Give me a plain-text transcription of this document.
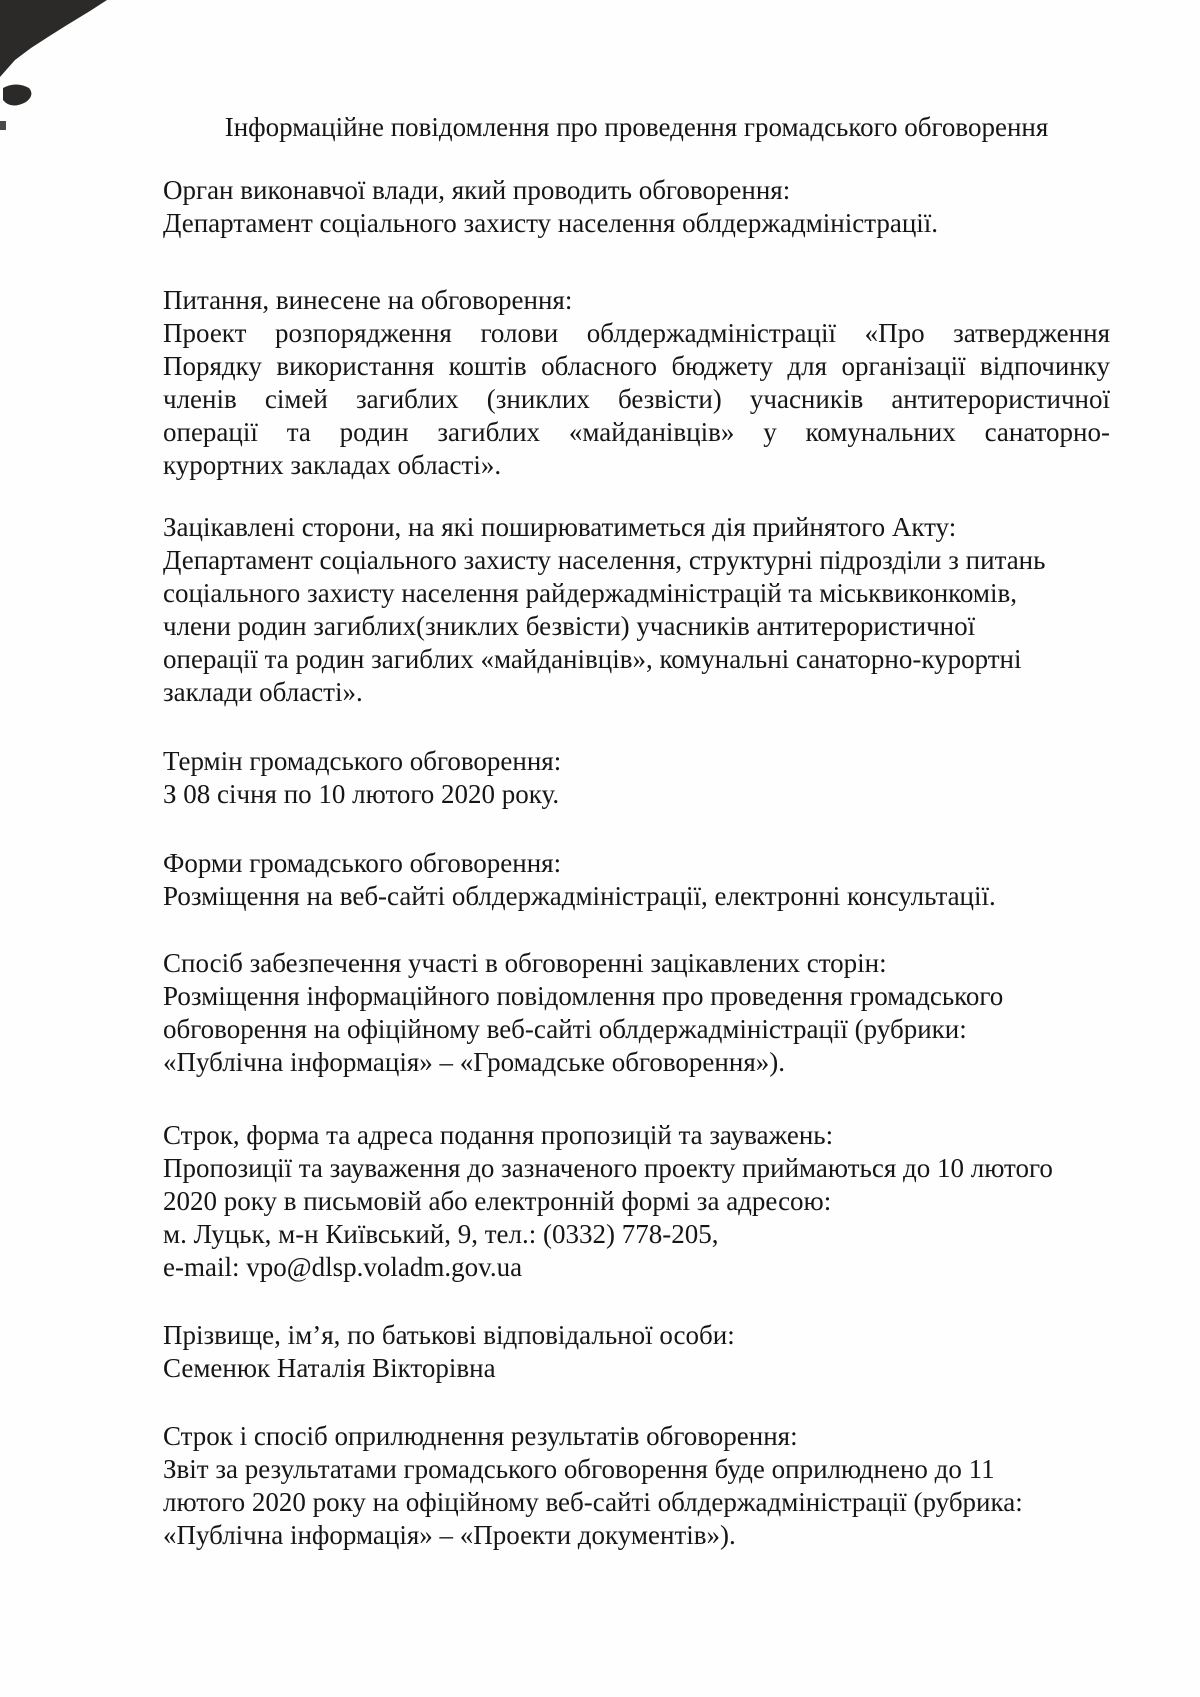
Інформаційне повідомлення про проведення громадського обговорення
Орган виконавчої влади, який проводить обговорення:
Департамент соціального захисту населення облдержадміністрації.
Питання, винесене на обговорення:
Проект розпорядження голови облдержадміністрації «Про затвердження
Порядку використання коштів обласного бюджету для організації відпочинку
членів сімей загиблих (зниклих безвісти) учасників антитерористичної
операції та родин загиблих «майданівців» у комунальних санаторно-
курортних закладах області».
Зацікавлені сторони, на які поширюватиметься дія прийнятого Акту:
Департамент соціального захисту населення, структурні підрозділи з питань
соціального захисту населення райдержадміністрацій та міськвиконкомів,
члени родин загиблих(зниклих безвісти) учасників антитерористичної
операції та родин загиблих «майданівців», комунальні санаторно-курортні
заклади області».
Термін громадського обговорення:
З 08 січня по 10 лютого 2020 року.
Форми громадського обговорення:
Розміщення на веб-сайті облдержадміністрації, електронні консультації.
Спосіб забезпечення участі в обговоренні зацікавлених сторін:
Розміщення інформаційного повідомлення про проведення громадського
обговорення на офіційному веб-сайті облдержадміністрації (рубрики:
«Публічна інформація» – «Громадське обговорення»).
Строк, форма та адреса подання пропозицій та зауважень:
Пропозиції та зауваження до зазначеного проекту приймаються до 10 лютого
2020 року в письмовій або електронній формі за адресою:
м. Луцьк, м-н Київський, 9, тел.: (0332) 778-205,
e-mail: vpo@dlsp.voladm.gov.ua
Прізвище, ім’я, по батькові відповідальної особи:
Семенюк Наталія Вікторівна
Строк і спосіб оприлюднення результатів обговорення:
Звіт за результатами громадського обговорення буде оприлюднено до 11
лютого 2020 року на офіційному веб-сайті облдержадміністрації (рубрика:
«Публічна інформація» – «Проекти документів»).
